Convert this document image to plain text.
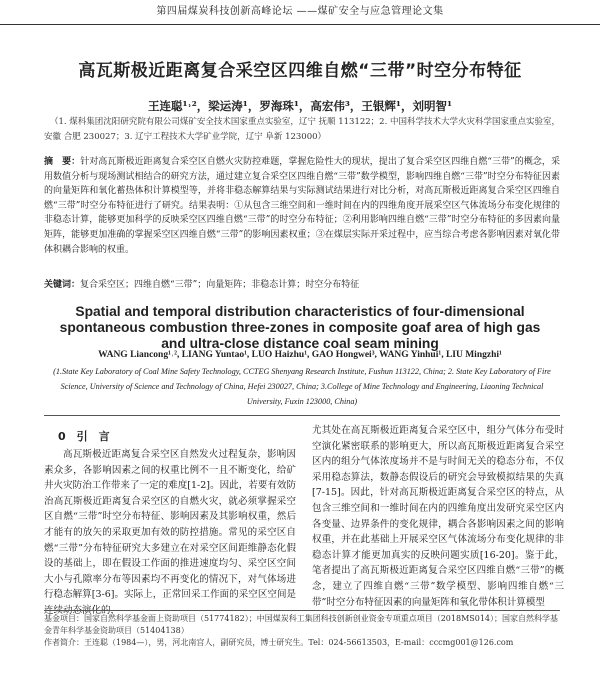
第四届煤炭科技创新高峰论坛 ——煤矿安全与应急管理论文集
高瓦斯极近距离复合采空区四维自燃“三带”时空分布特征
王连聪¹˒²，梁运涛¹，罗海珠¹，高宏伟³，王银辉¹，刘明智¹
（1. 煤科集团沈阳研究院有限公司煤矿安全技术国家重点实验室，辽宁 抚顺 113122；2. 中国科学技术大学火灾科学国家重点实验室，安徽 合肥 230027；3. 辽宁工程技术大学矿业学院，辽宁 阜新 123000）
摘　要：针对高瓦斯极近距离复合采空区自燃火灾防控难题，掌握危险性大的现状，提出了复合采空区四维自燃“三带”的概念，采用数值分析与现场测试相结合的研究方法，通过建立复合采空区四维自燃“三带”数学模型，影响四维自燃“三带”时空分布特征因素的向量矩阵和氧化蓄热体积计算模型等，并将非稳态解算结果与实际测试结果进行对比分析，对高瓦斯极近距离复合采空区四维自燃“三带”时空分布特征进行了研究。结果表明：①从包含三维空间和一维时间在内的四维角度开展采空区气体流场分布变化规律的非稳态计算，能够更加科学的反映采空区四维自燃“三带”的时空分布特征；②利用影响四维自燃“三带”时空分布特征的多因素向量矩阵，能够更加准确的掌握采空区四维自燃“三带”的影响因素权重；③在煤层实际开采过程中，应当综合考虑各影响因素对氧化带体积耦合影响的权重。
关键词：复合采空区；四维自燃“三带”；向量矩阵；非稳态计算；时空分布特征
Spatial and temporal distribution characteristics of four-dimensional spontaneous combustion three-zones in composite goaf area of high gas and ultra-close distance coal seam mining
WANG Liancong¹˒², LIANG Yuntao¹, LUO Haizhu¹, GAO Hongwei³, WANG Yinhui¹, LIU Mingzhi¹
(1.State Key Laboratory of Coal Mine Safety Technology, CCTEG Shenyang Research Institute, Fushun 113122, China; 2. State Key Laboratory of Fire Science, University of Science and Technology of China, Hefei 230027, China; 3.College of Mine Technology and Engineering, Liaoning Technical University, Fuxin 123000, China)
0　引　言
高瓦斯极近距离复合采空区自然发火过程复杂，影响因素众多，各影响因素之间的权重比例不一且不断变化，给矿井火灾防治工作带来了一定的难度[1-2]。因此，若要有效防治高瓦斯极近距离复合采空区的自燃火灾，就必须掌握采空区自燃“三带”时空分布特征、影响因素及其影响权重，然后才能有的放矢的采取更加有效的防控措施。常见的采空区自燃“三带”分布特征研究大多建立在对采空区间距维静态化假设的基础上，即在假设工作面的推进速度均匀、采空区空间大小与孔隙率分布等因素均不再变化的情况下，对气体场进行稳态解算[3-6]。实际上，正常回采工作面的采空区空间是连续动态演化的，
尤其处在高瓦斯极近距离复合采空区中，组分气体分布受时空演化紧密联系的影响更大，所以高瓦斯极近距离复合采空区内的组分气体浓度场并不是与时间无关的稳态分布，不仅采用稳态算法，数静态假设后的研究会导致模拟结果的失真[7-15]。因此，针对高瓦斯极近距离复合采空区的特点，从包含三维空间和一维时间在内的四维角度出发研究采空区内各变量、边界条件的变化规律，耦合各影响因素之间的影响权重，并在此基础上开展采空区气体流场分布变化规律的非稳态计算才能更加真实的反映问题实质[16-20]。鉴于此，笔者提出了高瓦斯极近距离复合采空区四维自燃“三带”的概念，建立了四维自燃“三带”数学模型、影响四维自燃“三带”时空分布特征因素的向量矩阵和氧化带体积计算模型
基金项目：国家自然科学基金面上资助项目（51774182）；中国煤炭科工集团科技创新创业资金专项重点项目（2018MS014）；国家自然科学基金青年科学基金资助项目（51404138）
作者简介：王连聪（1984—），男，河北南宫人，副研究员，博士研究生。Tel：024-56613503，E-mail：cccmg001@126.com
